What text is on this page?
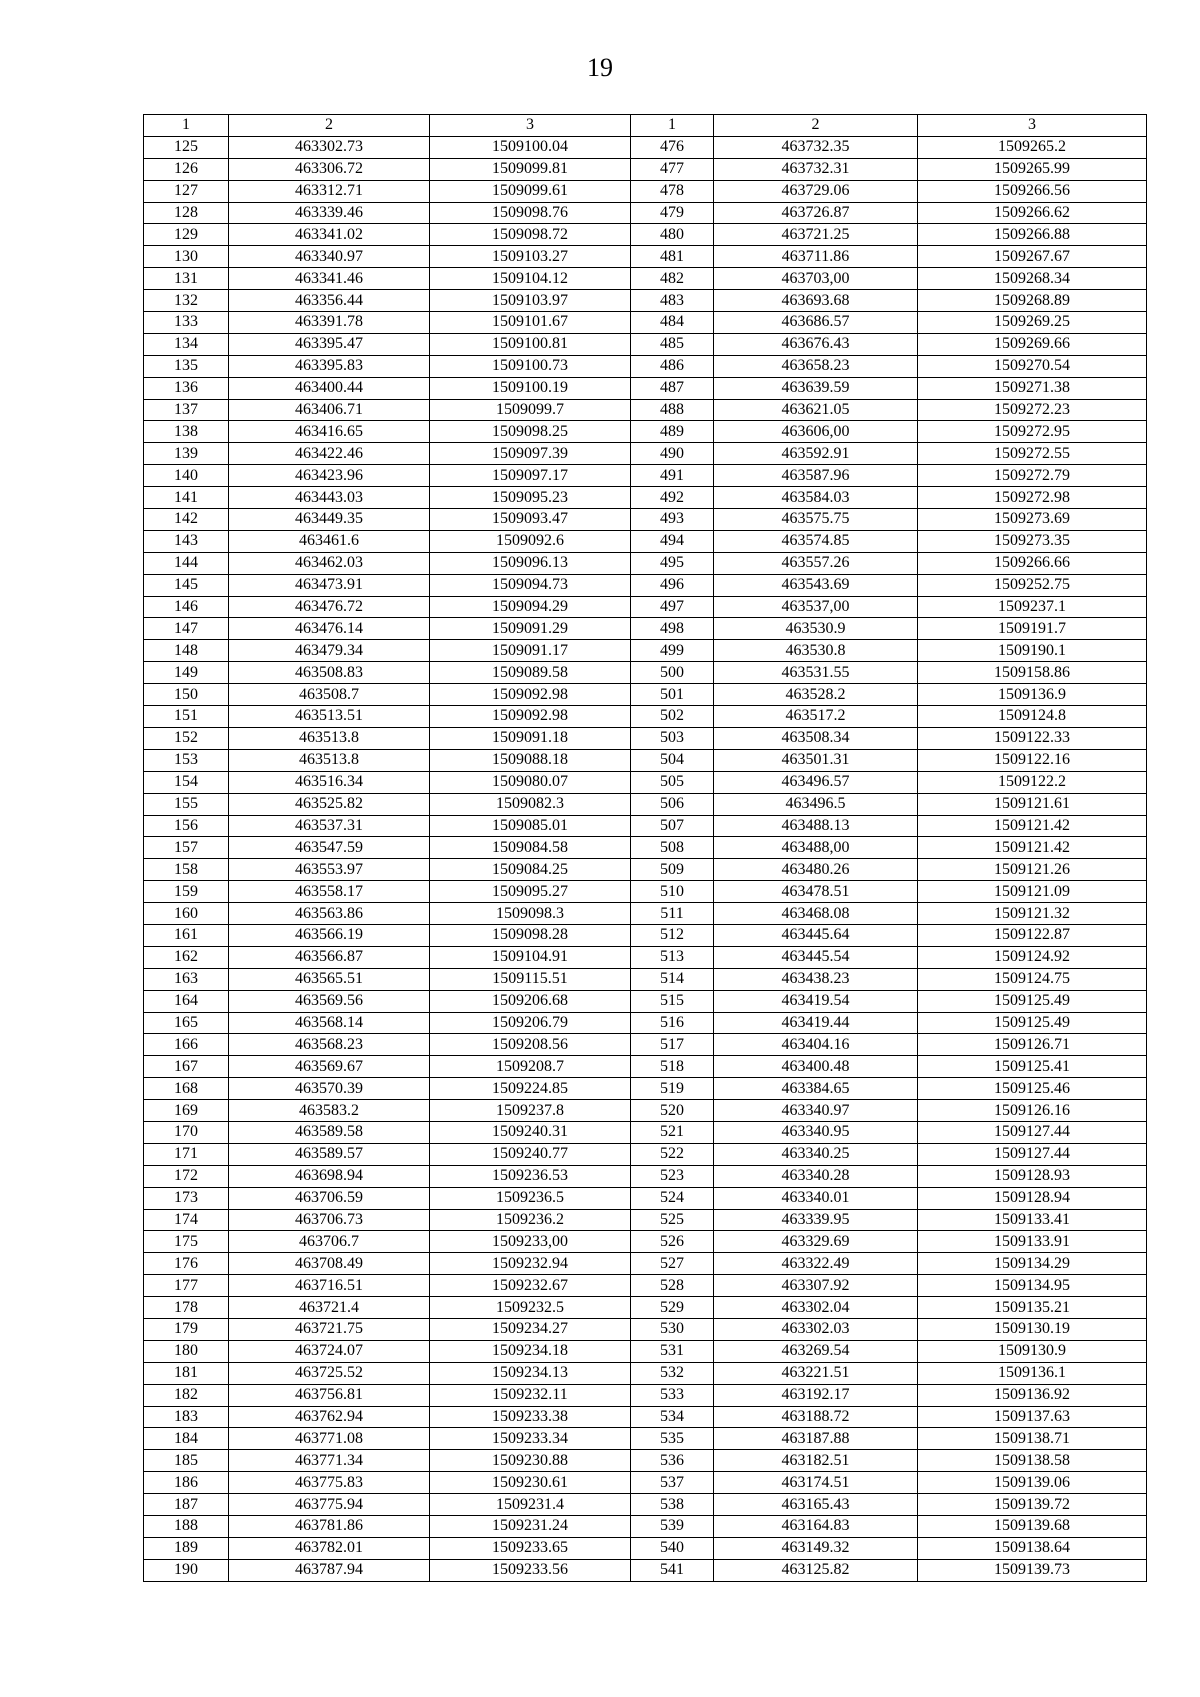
19
1	2	3	1	2	3
125	463302.73	1509100.04	476	463732.35	1509265.2
126	463306.72	1509099.81	477	463732.31	1509265.99
127	463312.71	1509099.61	478	463729.06	1509266.56
128	463339.46	1509098.76	479	463726.87	1509266.62
129	463341.02	1509098.72	480	463721.25	1509266.88
130	463340.97	1509103.27	481	463711.86	1509267.67
131	463341.46	1509104.12	482	463703,00	1509268.34
132	463356.44	1509103.97	483	463693.68	1509268.89
133	463391.78	1509101.67	484	463686.57	1509269.25
134	463395.47	1509100.81	485	463676.43	1509269.66
135	463395.83	1509100.73	486	463658.23	1509270.54
136	463400.44	1509100.19	487	463639.59	1509271.38
137	463406.71	1509099.7	488	463621.05	1509272.23
138	463416.65	1509098.25	489	463606,00	1509272.95
139	463422.46	1509097.39	490	463592.91	1509272.55
140	463423.96	1509097.17	491	463587.96	1509272.79
141	463443.03	1509095.23	492	463584.03	1509272.98
142	463449.35	1509093.47	493	463575.75	1509273.69
143	463461.6	1509092.6	494	463574.85	1509273.35
144	463462.03	1509096.13	495	463557.26	1509266.66
145	463473.91	1509094.73	496	463543.69	1509252.75
146	463476.72	1509094.29	497	463537,00	1509237.1
147	463476.14	1509091.29	498	463530.9	1509191.7
148	463479.34	1509091.17	499	463530.8	1509190.1
149	463508.83	1509089.58	500	463531.55	1509158.86
150	463508.7	1509092.98	501	463528.2	1509136.9
151	463513.51	1509092.98	502	463517.2	1509124.8
152	463513.8	1509091.18	503	463508.34	1509122.33
153	463513.8	1509088.18	504	463501.31	1509122.16
154	463516.34	1509080.07	505	463496.57	1509122.2
155	463525.82	1509082.3	506	463496.5	1509121.61
156	463537.31	1509085.01	507	463488.13	1509121.42
157	463547.59	1509084.58	508	463488,00	1509121.42
158	463553.97	1509084.25	509	463480.26	1509121.26
159	463558.17	1509095.27	510	463478.51	1509121.09
160	463563.86	1509098.3	511	463468.08	1509121.32
161	463566.19	1509098.28	512	463445.64	1509122.87
162	463566.87	1509104.91	513	463445.54	1509124.92
163	463565.51	1509115.51	514	463438.23	1509124.75
164	463569.56	1509206.68	515	463419.54	1509125.49
165	463568.14	1509206.79	516	463419.44	1509125.49
166	463568.23	1509208.56	517	463404.16	1509126.71
167	463569.67	1509208.7	518	463400.48	1509125.41
168	463570.39	1509224.85	519	463384.65	1509125.46
169	463583.2	1509237.8	520	463340.97	1509126.16
170	463589.58	1509240.31	521	463340.95	1509127.44
171	463589.57	1509240.77	522	463340.25	1509127.44
172	463698.94	1509236.53	523	463340.28	1509128.93
173	463706.59	1509236.5	524	463340.01	1509128.94
174	463706.73	1509236.2	525	463339.95	1509133.41
175	463706.7	1509233,00	526	463329.69	1509133.91
176	463708.49	1509232.94	527	463322.49	1509134.29
177	463716.51	1509232.67	528	463307.92	1509134.95
178	463721.4	1509232.5	529	463302.04	1509135.21
179	463721.75	1509234.27	530	463302.03	1509130.19
180	463724.07	1509234.18	531	463269.54	1509130.9
181	463725.52	1509234.13	532	463221.51	1509136.1
182	463756.81	1509232.11	533	463192.17	1509136.92
183	463762.94	1509233.38	534	463188.72	1509137.63
184	463771.08	1509233.34	535	463187.88	1509138.71
185	463771.34	1509230.88	536	463182.51	1509138.58
186	463775.83	1509230.61	537	463174.51	1509139.06
187	463775.94	1509231.4	538	463165.43	1509139.72
188	463781.86	1509231.24	539	463164.83	1509139.68
189	463782.01	1509233.65	540	463149.32	1509138.64
190	463787.94	1509233.56	541	463125.82	1509139.73
